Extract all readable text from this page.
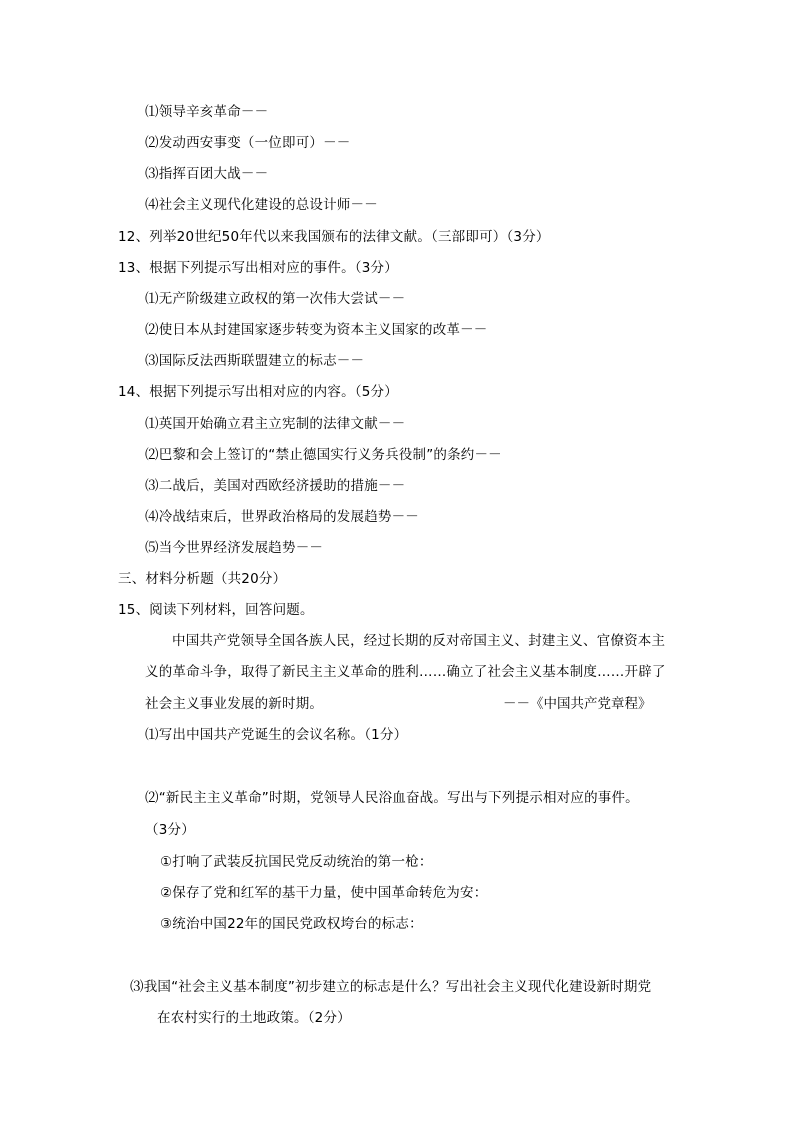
⑴领导辛亥革命－－
⑵发动西安事变（一位即可）－－
⑶指挥百团大战－－
⑷社会主义现代化建设的总设计师－－
12、列举20世纪50年代以来我国颁布的法律文献。（三部即可）（3分）
13、根据下列提示写出相对应的事件。（3分）
⑴无产阶级建立政权的第一次伟大尝试－－
⑵使日本从封建国家逐步转变为资本主义国家的改革－－
⑶国际反法西斯联盟建立的标志－－
14、根据下列提示写出相对应的内容。（5分）
⑴英国开始确立君主立宪制的法律文献－－
⑵巴黎和会上签订的“禁止德国实行义务兵役制”的条约－－
⑶二战后，美国对西欧经济援助的措施－－
⑷冷战结束后，世界政治格局的发展趋势－－
⑸当今世界经济发展趋势－－
三、材料分析题（共20分）
15、阅读下列材料，回答问题。
中国共产党领导全国各族人民，经过长期的反对帝国主义、封建主义、官僚资本主
义的革命斗争，取得了新民主主义革命的胜利……确立了社会主义基本制度……开辟了
社会主义事业发展的新时期。	－－《中国共产党章程》
⑴写出中国共产党诞生的会议名称。（1分）
⑵“新民主主义革命”时期，党领导人民浴血奋战。写出与下列提示相对应的事件。
（3分）
①打响了武装反抗国民党反动统治的第一枪：
②保存了党和红军的基干力量，使中国革命转危为安：
③统治中国22年的国民党政权垮台的标志：
⑶我国“社会主义基本制度”初步建立的标志是什么？写出社会主义现代化建设新时期党
在农村实行的土地政策。（2分）
